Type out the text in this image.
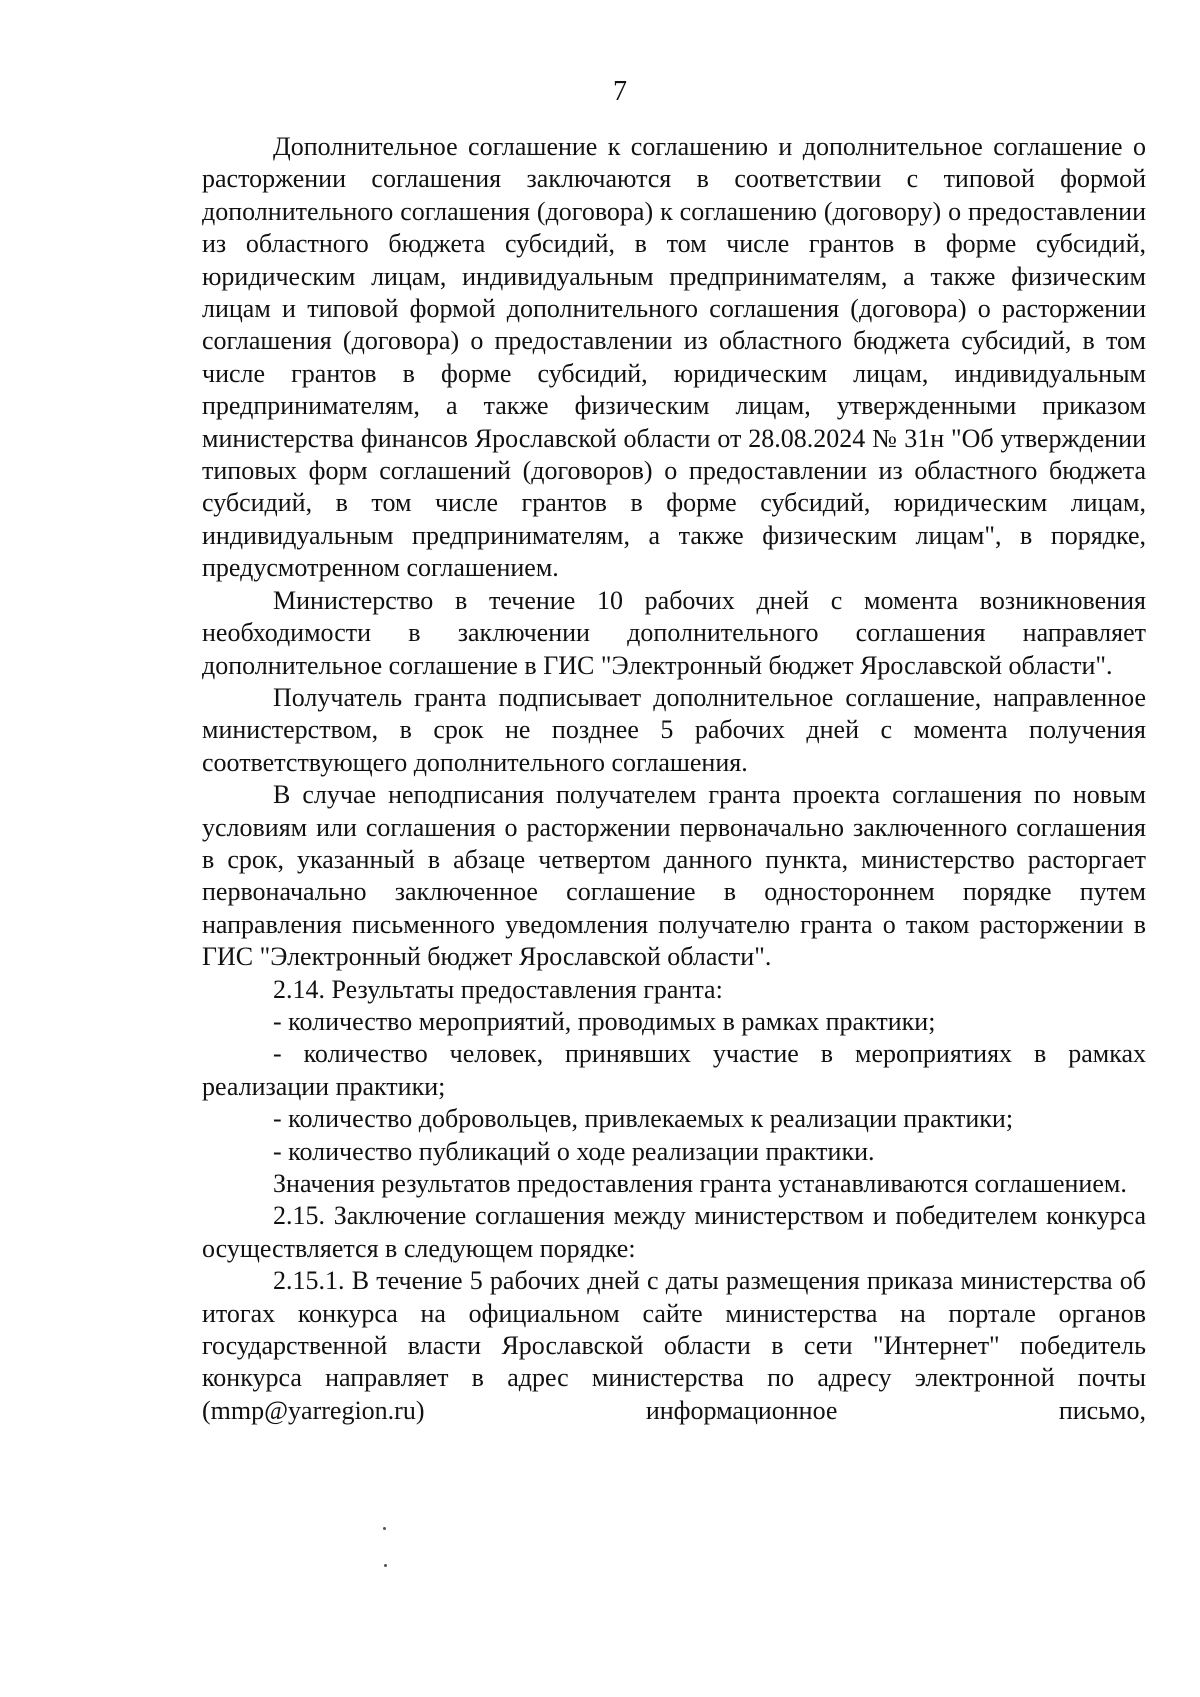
7

Дополнительное соглашение к соглашению и дополнительное соглашение о расторжении соглашения заключаются в соответствии с типовой формой дополнительного соглашения (договора) к соглашению (договору) о предоставлении из областного бюджета субсидий, в том числе грантов в форме субсидий, юридическим лицам, индивидуальным предпринимателям, а также физическим лицам и типовой формой дополнительного соглашения (договора) о расторжении соглашения (договора) о предоставлении из областного бюджета субсидий, в том числе грантов в форме субсидий, юридическим лицам, индивидуальным предпринимателям, а также физическим лицам, утвержденными приказом министерства финансов Ярославской области от 28.08.2024 № 31н "Об утверждении типовых форм соглашений (договоров) о предоставлении из областного бюджета субсидий, в том числе грантов в форме субсидий, юридическим лицам, индивидуальным предпринимателям, а также физическим лицам", в порядке, предусмотренном соглашением.

Министерство в течение 10 рабочих дней с момента возникновения необходимости в заключении дополнительного соглашения направляет дополнительное соглашение в ГИС "Электронный бюджет Ярославской области".

Получатель гранта подписывает дополнительное соглашение, направленное министерством, в срок не позднее 5 рабочих дней с момента получения соответствующего дополнительного соглашения.

В случае неподписания получателем гранта проекта соглашения по новым условиям или соглашения о расторжении первоначально заключенного соглашения в срок, указанный в абзаце четвертом данного пункта, министерство расторгает первоначально заключенное соглашение в одностороннем порядке путем направления письменного уведомления получателю гранта о таком расторжении в ГИС "Электронный бюджет Ярославской области".

2.14. Результаты предоставления гранта:

- количество мероприятий, проводимых в рамках практики;

- количество человек, принявших участие в мероприятиях в рамках реализации практики;

- количество добровольцев, привлекаемых к реализации практики;

- количество публикаций о ходе реализации практики.

Значения результатов предоставления гранта устанавливаются соглашением.

2.15. Заключение соглашения между министерством и победителем конкурса осуществляется в следующем порядке:

2.15.1. В течение 5 рабочих дней с даты размещения приказа министерства об итогах конкурса на официальном сайте министерства на портале органов государственной власти Ярославской области в сети "Интернет" победитель конкурса направляет в адрес министерства по адресу электронной почты (mmp@yarregion.ru) информационное письмо,
